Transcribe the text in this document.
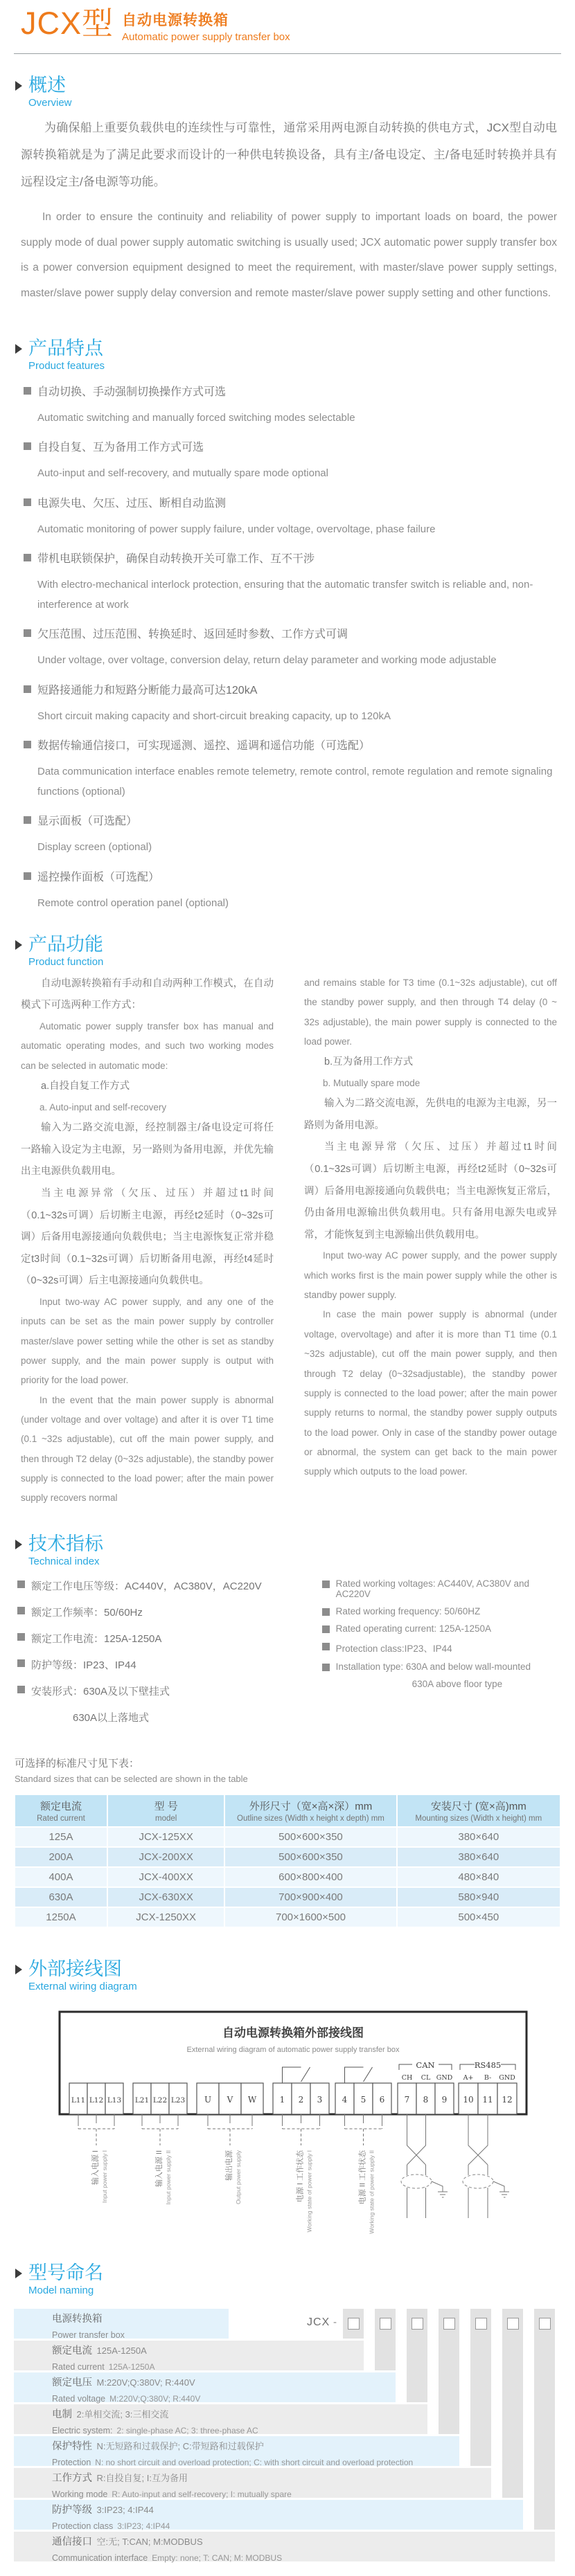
JCX型 自动电源转换箱
Automatic power supply transfer box
概述
Overview

为确保船上重要负载供电的连续性与可靠性，通常采用两电源自动转换的供电方式，JCX型自动电源转换箱就是为了满足此要求而设计的一种供电转换设备，具有主/备电设定、主/备电延时转换并具有远程设定主/备电源等功能。

In order to ensure the continuity and reliability of power supply to important loads on board, the power supply mode of dual power supply automatic switching is usually used; JCX automatic power supply transfer box is a power conversion equipment designed to meet the requirement, with master/slave power supply settings, master/slave power supply delay conversion and remote master/slave power supply setting and other functions.

产品特点
Product features
自动切换、手动强制切换操作方式可选
Automatic switching and manually forced switching modes selectable
自投自复、互为备用工作方式可选
Auto-input and self-recovery, and mutually spare mode optional
电源失电、欠压、过压、断相自动监测
Automatic monitoring of power supply failure, under voltage, overvoltage, phase failure
带机电联锁保护，确保自动转换开关可靠工作、互不干涉
With electro-mechanical interlock protection, ensuring that the automatic transfer switch is reliable and, non-interference at work
欠压范围、过压范围、转换延时、返回延时参数、工作方式可调
Under voltage, over voltage, conversion delay, return delay parameter and working mode adjustable
短路接通能力和短路分断能力最高可达120kA
Short circuit making capacity and short-circuit breaking capacity, up to 120kA
数据传输通信接口，可实现遥测、遥控、遥调和遥信功能（可选配）
Data communication interface enables remote telemetry, remote control, remote regulation and remote signaling functions (optional)
显示面板（可选配）
Display screen (optional)
遥控操作面板（可选配）
Remote control operation panel (optional)
产品功能
Product function

自动电源转换箱有手动和自动两种工作模式，在自动模式下可选两种工作方式：

Automatic power supply transfer box has manual and automatic operating modes, and such two working modes can be selected in automatic mode:

a.自投自复工作方式

a. Auto-input and self-recovery

输入为二路交流电源，经控制器主/备电设定可将任一路输入设定为主电源，另一路则为备用电源，并优先输出主电源供负载用电。

当主电源异常（欠压、过压）并超过t1时间（0.1~32s可调）后切断主电源，再经t2延时（0~32s可调）后备用电源接通向负载供电；当主电源恢复正常并稳定t3时间（0.1~32s可调）后切断备用电源，再经t4延时（0~32s可调）后主电源接通向负载供电。

Input two-way AC power supply, and any one of the inputs can be set as the main power supply by controller master/slave power setting while the other is set as standby power supply, and the main power supply is output with priority for the load power.

In the event that the main power supply is abnormal (under voltage and over voltage) and after it is over T1 time (0.1 ~32s adjustable), cut off the main power supply, and then through T2 delay (0~32s adjustable), the standby power supply is connected to the load power; after the main power supply recovers normal

and remains stable for T3 time (0.1~32s adjustable), cut off the standby power supply, and then through T4 delay (0 ~ 32s adjustable), the main power supply is connected to the load power.

b.互为备用工作方式

b. Mutually spare mode

输入为二路交流电源，先供电的电源为主电源，另一路则为备用电源。

当主电源异常（欠压、过压）并超过t1时间（0.1~32s可调）后切断主电源，再经t2延时（0~32s可调）后备用电源接通向负载供电；当主电源恢复正常后，仍由备用电源输出供负载用电。只有备用电源失电或异常，才能恢复到主电源输出供负载用电。

Input two-way AC power supply, and the power supply which works first is the main power supply while the other is standby power supply.

In case the main power supply is abnormal (under voltage, overvoltage) and after it is more than T1 time (0.1 ~32s adjustable), cut off the main power supply, and then through T2 delay (0~32sadjustable), the standby power supply is connected to the load power; after the main power supply returns to normal, the standby power supply outputs to the load power. Only in case of the standby power outage or abnormal, the system can get back to the main power supply which outputs to the load power.

技术指标
Technical index
额定工作电压等级：AC440V，AC380V，AC220V
额定工作频率：50/60Hz
额定工作电流：125A-1250A
防护等级：IP23、IP44
安装形式：630A及以下壁挂式
630A以上落地式
Rated working voltages: AC440V, AC380V and AC220V
Rated working frequency: 50/60HZ
Rated operating current: 125A-1250A
Protection class:IP23、IP44
Installation type: 630A and below wall-mounted
630A above floor type
可选择的标准尺寸见下表：
Standard sizes that can be selected are shown in the table
额定电流
Rated current

型 号
model

外形尺寸（宽×高×深）mm
Outline sizes (Width x height x depth) mm

安装尺寸 (宽×高)mm
Mounting sizes (Width x height) mm

125A	JCX-125XX	500×600×350	380×640
200A	JCX-200XX	500×600×350	380×640
400A	JCX-400XX	600×800×400	480×840
630A	JCX-630XX	700×900×400	580×940
1250A	JCX-1250XX	700×1600×500	500×450
外部接线图
External wiring diagram
自动电源转换箱外部接线图
External wiring diagram of automatic power supply transfer box
L11 L12 L13 L21 L22 L23 U V W	1 2 3 4 5 6 7 8 9 10 11 12
CAN
CH CL GND
RS485
A+ B- GND
输入电源 I Input power supply I	输入电源 II Input power supply II	输出电源 Output power supply	电源 I 工作状态 Working state of power supply I	电源 II 工作状态 Working state of power supply II
型号命名
Model naming
JCX -
电源转换箱
Power transfer box
额定电流 125A-1250A
Rated current 125A-1250A
额定电压 M:220V;Q:380V; R:440V
Rated voltage M:220V;Q:380V; R:440V
电制 2:单相交流; 3:三相交流
Electric system: 2: single-phase AC; 3: three-phase AC
保护特性 N:无短路和过载保护; C:带短路和过载保护
Protection N: no short circuit and overload protection; C: with short circuit and overload protection
工作方式 R:自投自复; I:互为备用
Working mode R: Auto-input and self-recovery; I: mutually spare
防护等级 3:IP23; 4:IP44
Protection class 3:IP23; 4:IP44
通信接口 空:无; T:CAN; M:MODBUS
Communication interface Empty: none; T: CAN; M: MODBUS
